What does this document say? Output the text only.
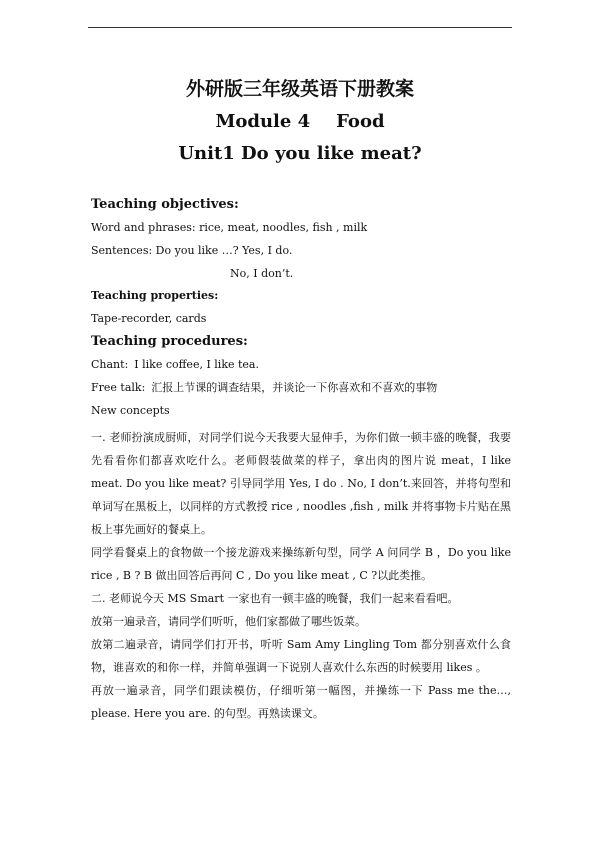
外研版三年级英语下册教案

Module 4 Food
Unit1 Do you like meat?

Teaching objectives:

Word and phrases: rice, meat, noodles, fish , milk

Sentences: Do you like …? Yes, I do.

No, I don’t.

Teaching properties:

Tape-recorder, cards

Teaching procedures:

Chant: I like coffee, I like tea.

Free talk: 汇报上节课的调查结果，并谈论一下你喜欢和不喜欢的事物

New concepts

一. 老师扮演成厨师，对同学们说今天我要大显伸手，为你们做一顿丰盛的晚餐，我要先看看你们都喜欢吃什么。老师假装做菜的样子，拿出肉的图片说 meat，I like meat. Do you like meat? 引导同学用 Yes, I do . No, I don’t.来回答，并将句型和单词写在黑板上，以同样的方式教授 rice , noodles ,fish , milk 并将事物卡片贴在黑板上事先画好的餐桌上。

同学看餐桌上的食物做一个接龙游戏来操练新句型，同学 A 问同学 B ，Do you like rice , B ? B 做出回答后再问 C , Do you like meat , C ?以此类推。

二. 老师说今天 MS Smart 一家也有一顿丰盛的晚餐，我们一起来看看吧。

放第一遍录音，请同学们听听，他们家都做了哪些饭菜。

放第二遍录音，请同学们打开书，听听 Sam Amy Lingling Tom 都分别喜欢什么食物，谁喜欢的和你一样，并简单强调一下说别人喜欢什么东西的时候要用 likes 。

再放一遍录音，同学们跟读模仿，仔细听第一幅图，并操练一下 Pass me the…, please. Here you are. 的句型。再熟读课文。
